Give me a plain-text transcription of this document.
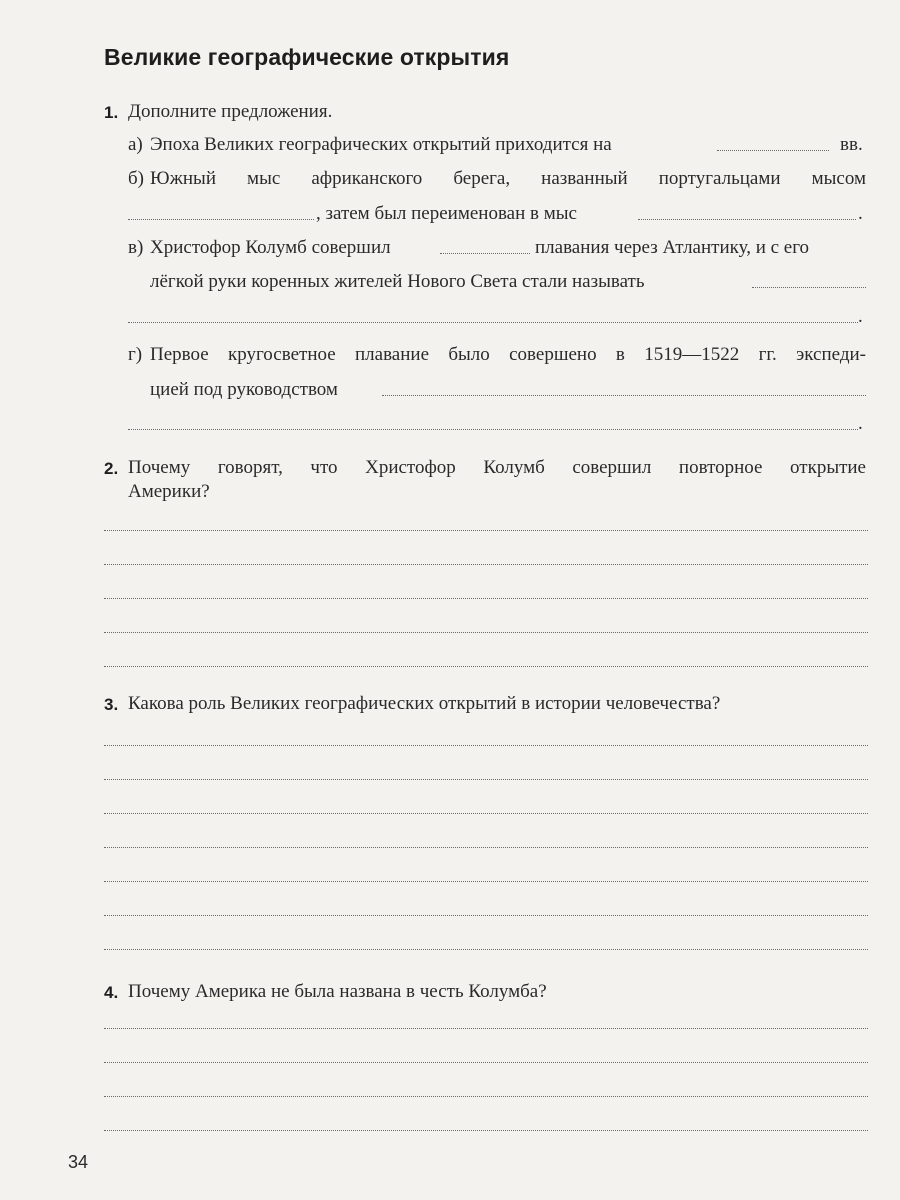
Великие географические открытия
1. Дополните предложения.
а) Эпоха Великих географических открытий приходится на	вв.
б) Южный мыс африканского берега, названный португальцами мысом
, затем был переименован в мыс	.
в) Христофор Колумб совершил	плавания через Атлантику, и с его
лёгкой руки коренных жителей Нового Света стали называть
.
г) Первое кругосветное плавание было совершено в 1519—1522 гг. экспеди-
цией под руководством
.
2. Почему говорят, что Христофор Колумб совершил повторное открытие
Америки?
3. Какова роль Великих географических открытий в истории человечества?
4. Почему Америка не была названа в честь Колумба?
34
